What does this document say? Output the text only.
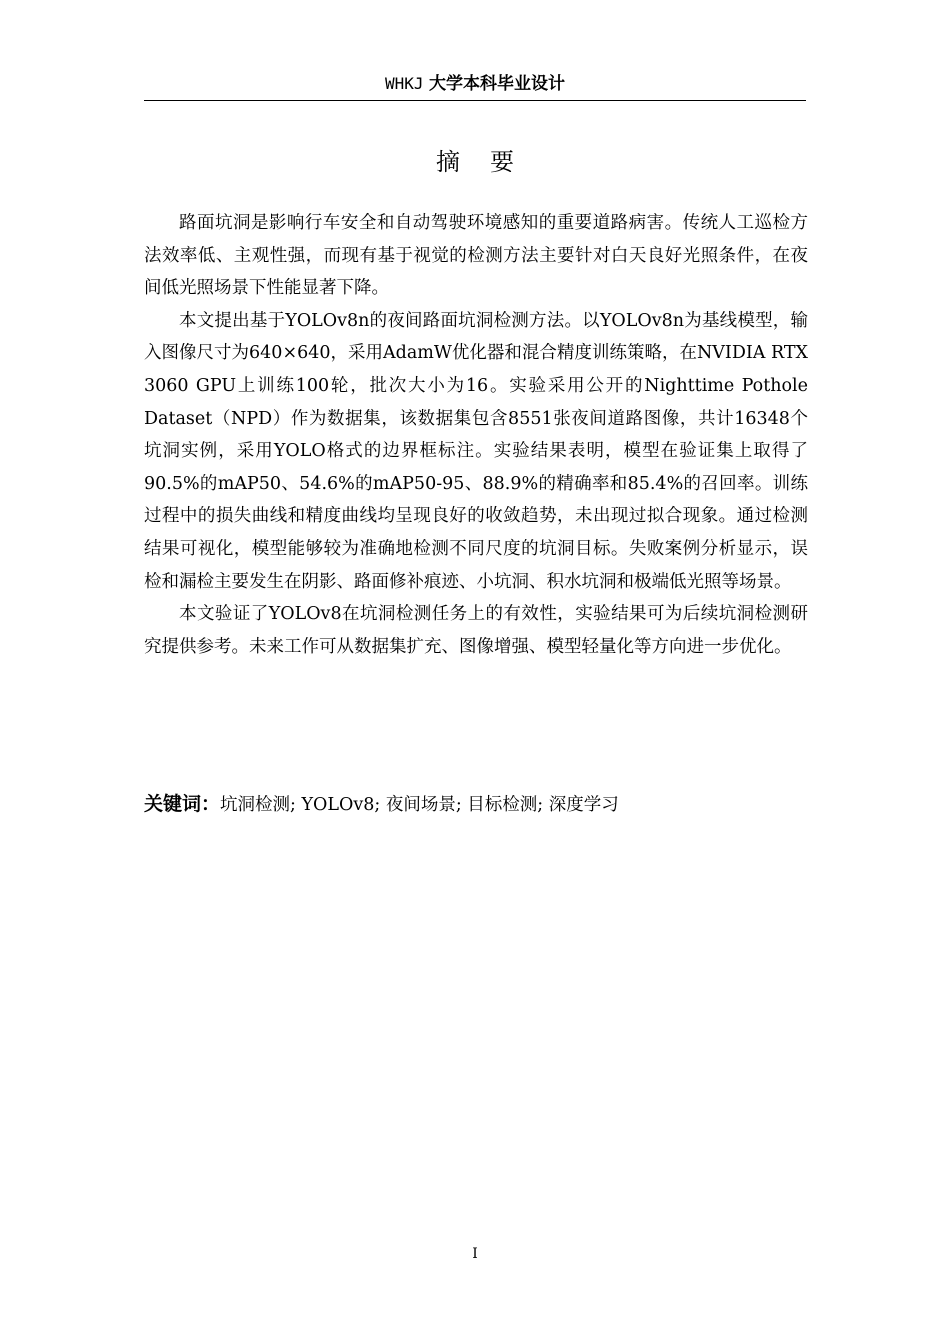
WHKJ 大学本科毕业设计
摘要

路面坑洞是影响行车安全和自动驾驶环境感知的重要道路病害。传统人工巡检方法效率低、主观性强，而现有基于视觉的检测方法主要针对白天良好光照条件，在夜间低光照场景下性能显著下降。

本文提出基于YOLOv8n的夜间路面坑洞检测方法。以YOLOv8n为基线模型，输入图像尺寸为640×640，采用AdamW优化器和混合精度训练策略，在NVIDIA RTX 3060 GPU上训练100轮，批次大小为16。实验采用公开的Nighttime Pothole Dataset（NPD）作为数据集，该数据集包含8551张夜间道路图像，共计16348个坑洞实例，采用YOLO格式的边界框标注。实验结果表明，模型在验证集上取得了90.5%的mAP50、54.6%的mAP50-95、88.9%的精确率和85.4%的召回率。训练过程中的损失曲线和精度曲线均呈现良好的收敛趋势，未出现过拟合现象。通过检测结果可视化，模型能够较为准确地检测不同尺度的坑洞目标。失败案例分析显示，误检和漏检主要发生在阴影、路面修补痕迹、小坑洞、积水坑洞和极端低光照等场景。

本文验证了YOLOv8在坑洞检测任务上的有效性，实验结果可为后续坑洞检测研究提供参考。未来工作可从数据集扩充、图像增强、模型轻量化等方向进一步优化。

关键词：坑洞检测; YOLOv8; 夜间场景; 目标检测; 深度学习
I
